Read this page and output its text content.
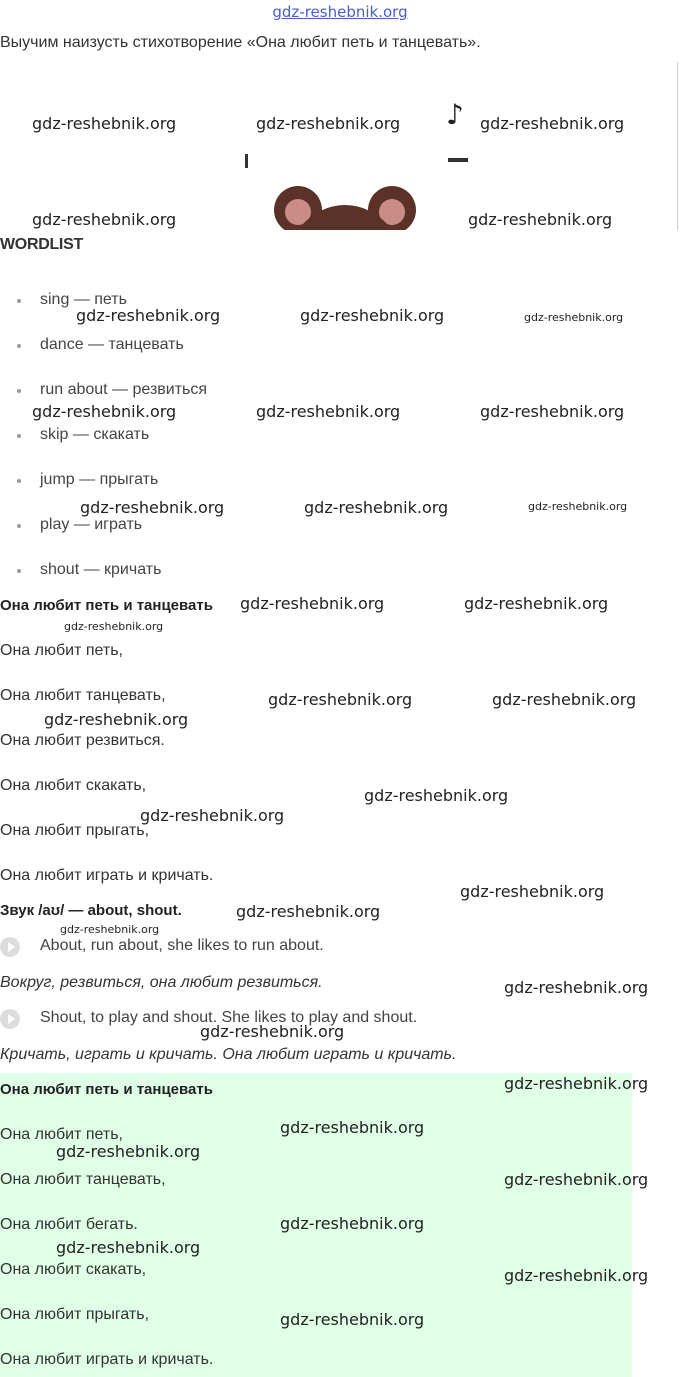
gdz-reshebnik.org
Выучим наизусть стихотворение «Она любит петь и танцевать».
♪
WORDLIST
sing — петь
dance — танцевать
run about — резвиться
skip — скакать
jump — прыгать
play — играть
shout — кричать
Она любит петь и танцевать
Она любит петь,
Она любит танцевать,
Она любит резвиться.
Она любит скакать,
Она любит прыгать,
Она любит играть и кричать.
Звук /aʊ/ — about, shout.
About, run about, she likes to run about.
Вокруг, резвиться, она любит резвиться.
Shout, to play and shout. She likes to play and shout.
Кричать, играть и кричать. Она любит играть и кричать.
Она любит петь и танцевать
Она любит петь,
Она любит танцевать,
Она любит бегать.
Она любит скакать,
Она любит прыгать,
Она любит играть и кричать.
gdz-reshebnik.org	gdz-reshebnik.org	gdz-reshebnik.org
gdz-reshebnik.org	gdz-reshebnik.org
gdz-reshebnik.org	gdz-reshebnik.org	gdz-reshebnik.org
gdz-reshebnik.org	gdz-reshebnik.org	gdz-reshebnik.org
gdz-reshebnik.org	gdz-reshebnik.org	gdz-reshebnik.org
gdz-reshebnik.org	gdz-reshebnik.org
gdz-reshebnik.org
gdz-reshebnik.org	gdz-reshebnik.org
gdz-reshebnik.org
gdz-reshebnik.org
gdz-reshebnik.org
gdz-reshebnik.org
gdz-reshebnik.org
gdz-reshebnik.org
gdz-reshebnik.org
gdz-reshebnik.org
gdz-reshebnik.org
gdz-reshebnik.org
gdz-reshebnik.org
gdz-reshebnik.org
gdz-reshebnik.org
gdz-reshebnik.org
gdz-reshebnik.org
gdz-reshebnik.org
